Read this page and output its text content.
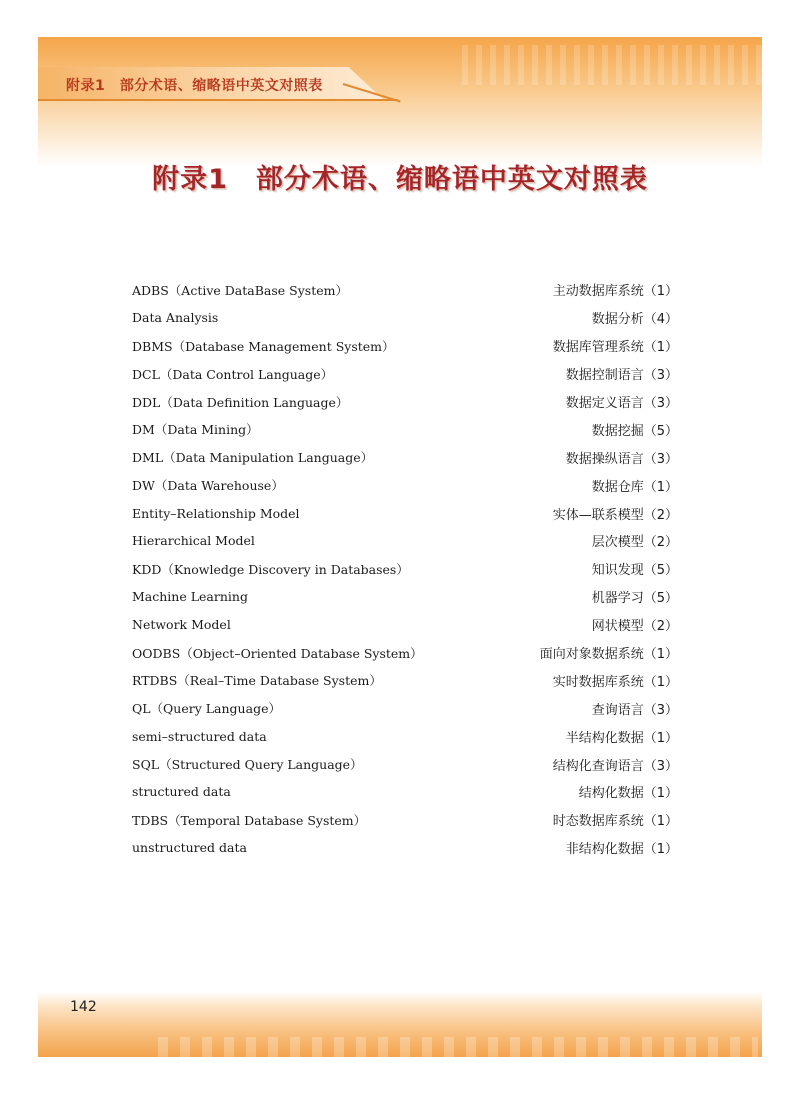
附录1　部分术语、缩略语中英文对照表
附录1　部分术语、缩略语中英文对照表
ADBS（Active DataBase System）	主动数据库系统（1）
Data Analysis	数据分析（4）
DBMS（Database Management System）	数据库管理系统（1）
DCL（Data Control Language）	数据控制语言（3）
DDL（Data Definition Language）	数据定义语言（3）
DM（Data Mining）	数据挖掘（5）
DML（Data Manipulation Language）	数据操纵语言（3）
DW（Data Warehouse）	数据仓库（1）
Entity–Relationship Model	实体—联系模型（2）
Hierarchical Model	层次模型（2）
KDD（Knowledge Discovery in Databases）	知识发现（5）
Machine Learning	机器学习（5）
Network Model	网状模型（2）
OODBS（Object–Oriented Database System）	面向对象数据系统（1）
RTDBS（Real–Time Database System）	实时数据库系统（1）
QL（Query Language）	查询语言（3）
semi–structured data	半结构化数据（1）
SQL（Structured Query Language）	结构化查询语言（3）
structured data	结构化数据（1）
TDBS（Temporal Database System）	时态数据库系统（1）
unstructured data	非结构化数据（1）
142
